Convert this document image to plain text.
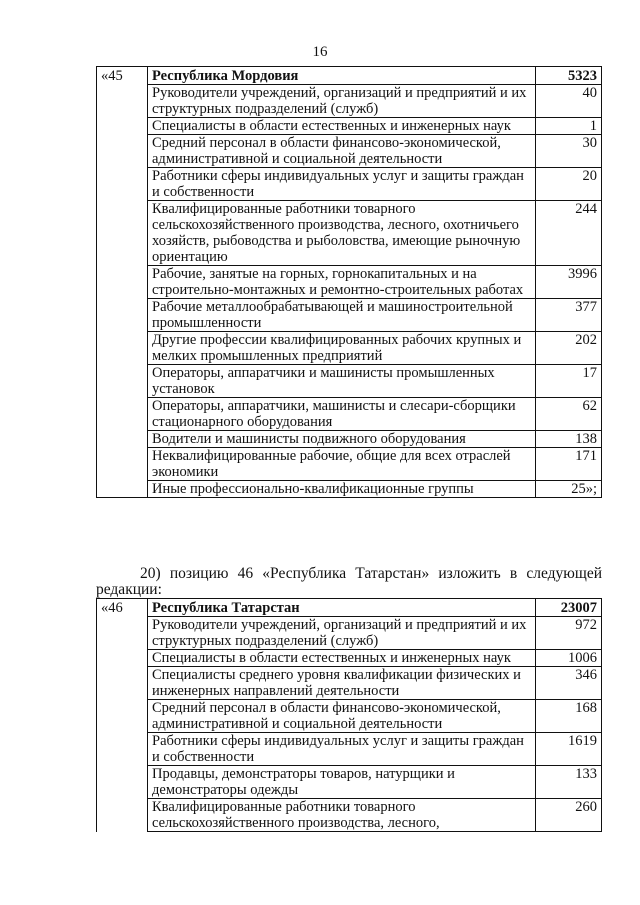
16
«45	Республика Мордовия	5323
	Руководители учреждений, организаций и предприятий и их структурных подразделений (служб)	40
	Специалисты в области естественных и инженерных наук	1
	Средний персонал в области финансово-экономической, административной и социальной деятельности	30
	Работники сферы индивидуальных услуг и защиты граждан и собственности	20
	Квалифицированные работники товарного сельскохозяйственного производства, лесного, охотничьего хозяйств, рыбоводства и рыболовства, имеющие рыночную ориентацию	244
	Рабочие, занятые на горных, горнокапитальных и на строительно-монтажных и ремонтно-строительных работах	3996
	Рабочие металлообрабатывающей и машиностроительной промышленности	377
	Другие профессии квалифицированных рабочих крупных и мелких промышленных предприятий	202
	Операторы, аппаратчики и машинисты промышленных установок	17
	Операторы, аппаратчики, машинисты и слесари-сборщики стационарного оборудования	62
	Водители и машинисты подвижного оборудования	138
	Неквалифицированные рабочие, общие для всех отраслей экономики	171
	Иные профессионально-квалификационные группы	25»;
20) позицию 46 «Республика Татарстан» изложить в следующей
редакции:
«46	Республика Татарстан	23007
	Руководители учреждений, организаций и предприятий и их структурных подразделений (служб)	972
	Специалисты в области естественных и инженерных наук	1006
	Специалисты среднего уровня квалификации физических и инженерных направлений деятельности	346
	Средний персонал в области финансово-экономической, административной и социальной деятельности	168
	Работники сферы индивидуальных услуг и защиты граждан и собственности	1619
	Продавцы, демонстраторы товаров, натурщики и демонстраторы одежды	133
	Квалифицированные работники товарного сельскохозяйственного производства, лесного,	260
